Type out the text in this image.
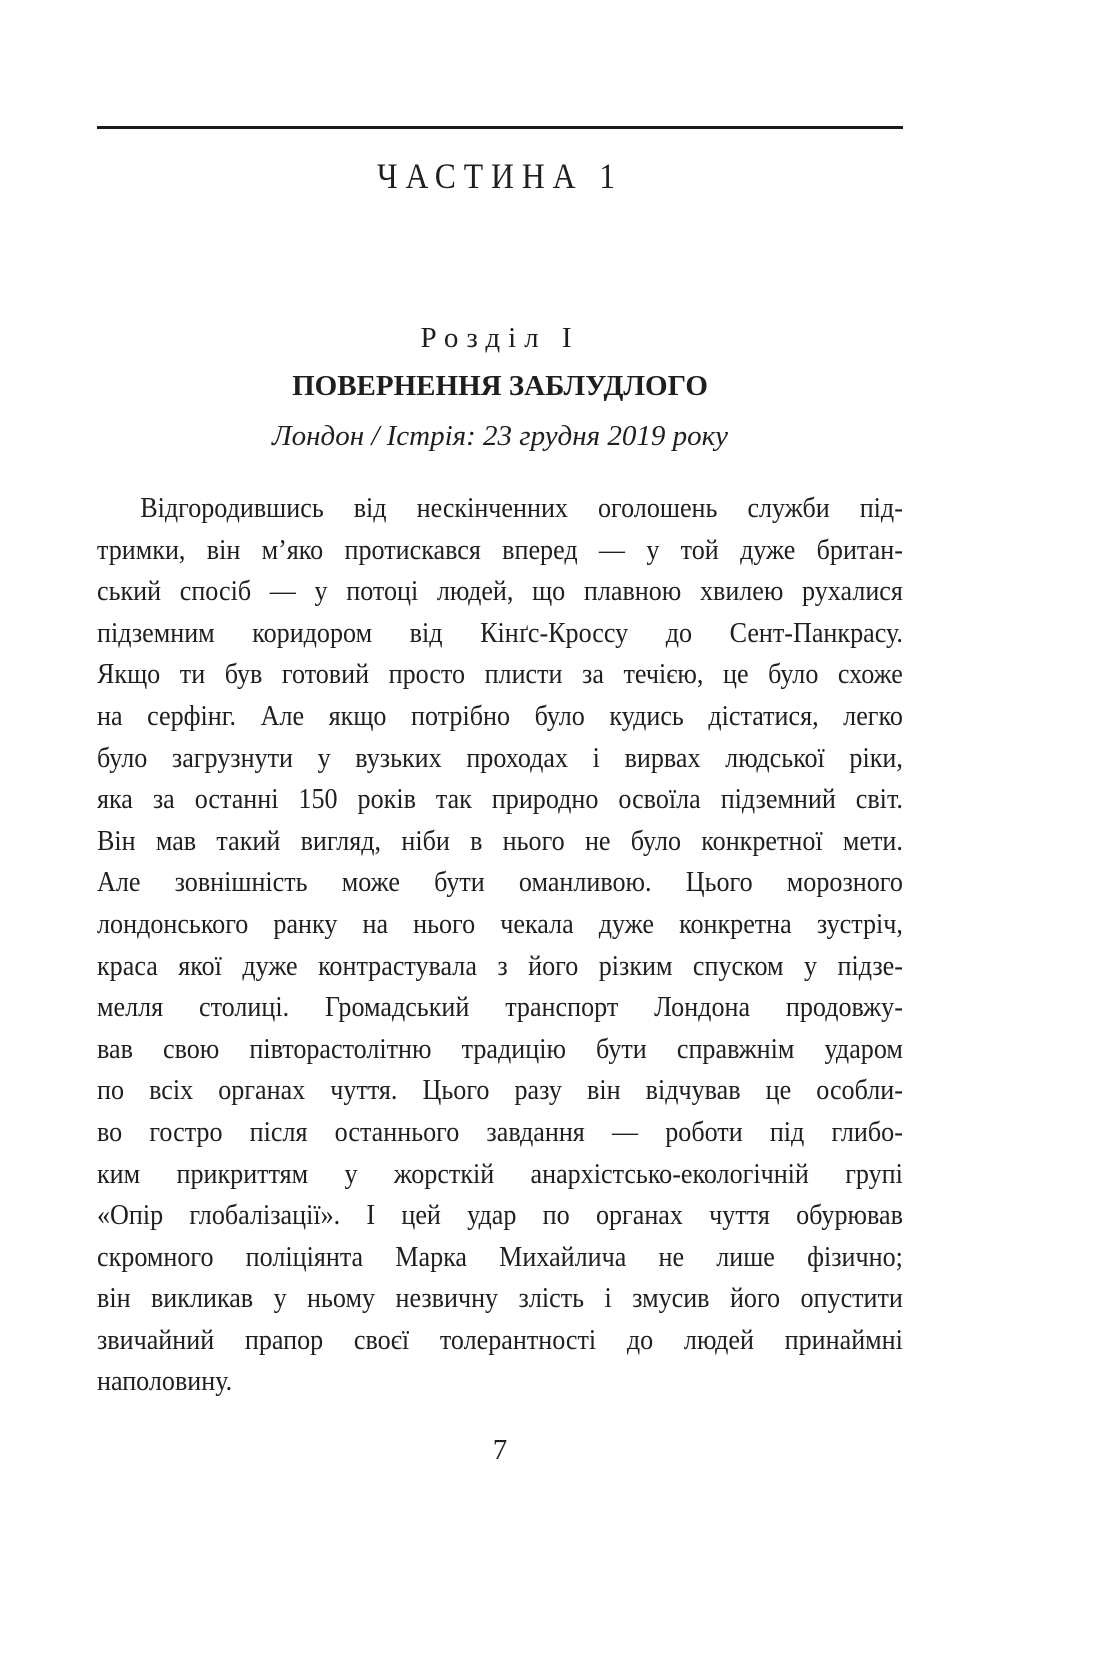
ЧАСТИНА 1
Розділ I
ПОВЕРНЕННЯ ЗАБЛУДЛОГО
Лондон / Істрія: 23 грудня 2019 року
Відгородившись від нескінченних оголошень служби під-
тримки, він м’яко протискався вперед — у той дуже британ-
ський спосіб — у потоці людей, що плавною хвилею рухалися
підземним коридором від Кінґс-Кроссу до Сент-Панкрасу.
Якщо ти був готовий просто плисти за течією, це було схоже
на серфінг. Але якщо потрібно було кудись дістатися, легко
було загрузнути у вузьких проходах і вирвах людської ріки,
яка за останні 150 років так природно освоїла підземний світ.
Він мав такий вигляд, ніби в нього не було конкретної мети.
Але зовнішність може бути оманливою. Цього морозного
лондонського ранку на нього чекала дуже конкретна зустріч,
краса якої дуже контрастувала з його різким спуском у підзе-
мелля столиці. Громадський транспорт Лондона продовжу-
вав свою півторастолітню традицію бути справжнім ударом
по всіх органах чуття. Цього разу він відчував це особли-
во гостро після останнього завдання — роботи під глибо-
ким прикриттям у жорсткій анархістсько-екологічній групі
«Опір глобалізації». І цей удар по органах чуття обурював
скромного поліціянта Марка Михайлича не лише фізично;
він викликав у ньому незвичну злість і змусив його опустити
звичайний прапор своєї толерантності до людей принаймні
наполовину.
7
